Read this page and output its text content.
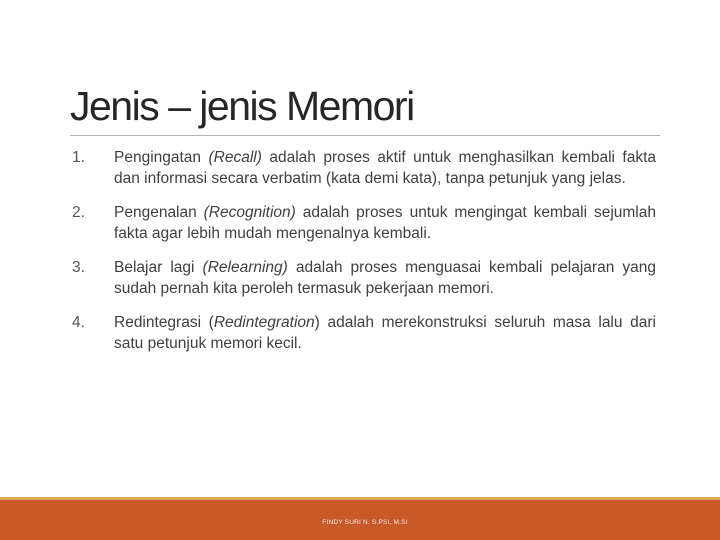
Jenis – jenis Memori
1.	Pengingatan (Recall) adalah proses aktif untuk menghasilkan kembali fakta dan informasi secara verbatim (kata demi kata), tanpa petunjuk yang jelas.
2.	Pengenalan (Recognition) adalah proses untuk mengingat kembali sejumlah fakta agar lebih mudah mengenalnya kembali.
3.	Belajar lagi (Relearning) adalah proses menguasai kembali pelajaran yang sudah pernah kita peroleh termasuk pekerjaan memori.
4.	Redintegrasi (Redintegration) adalah merekonstruksi seluruh masa lalu dari satu petunjuk memori kecil.
FINDY SURI N. S.PSI, M.SI
